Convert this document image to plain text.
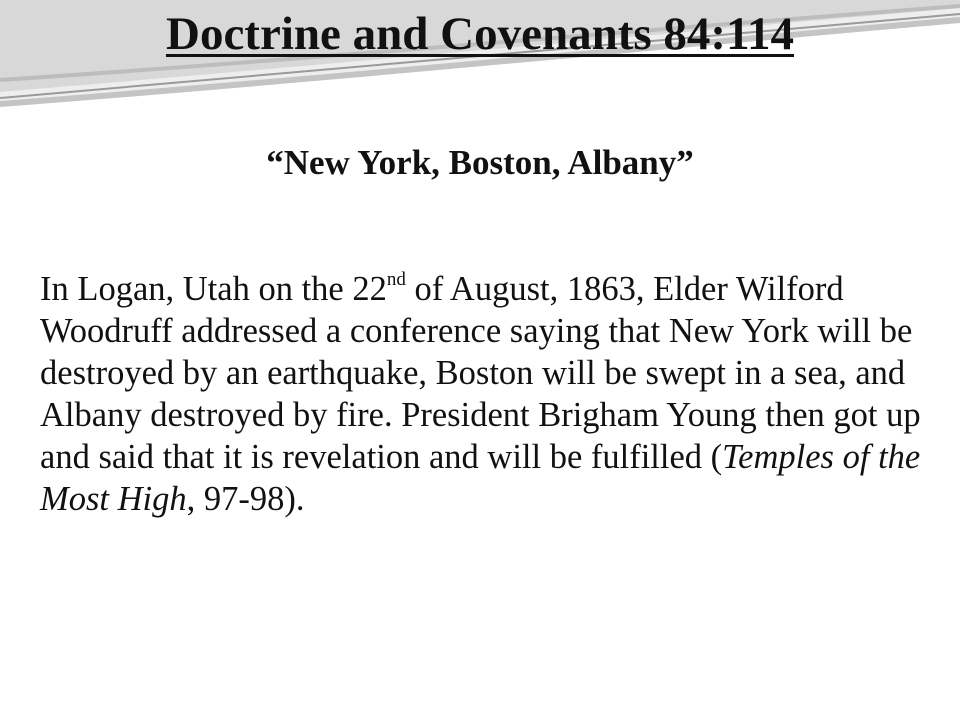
Doctrine and Covenants 84:114

“New York, Boston, Albany”

In Logan, Utah on the 22nd of August, 1863, Elder Wilford Woodruff addressed a conference saying that New York will be destroyed by an earthquake, Boston will be swept in a sea, and Albany destroyed by fire. President Brigham Young then got up and said that it is revelation and will be fulfilled (Temples of the Most High, 97-98).
